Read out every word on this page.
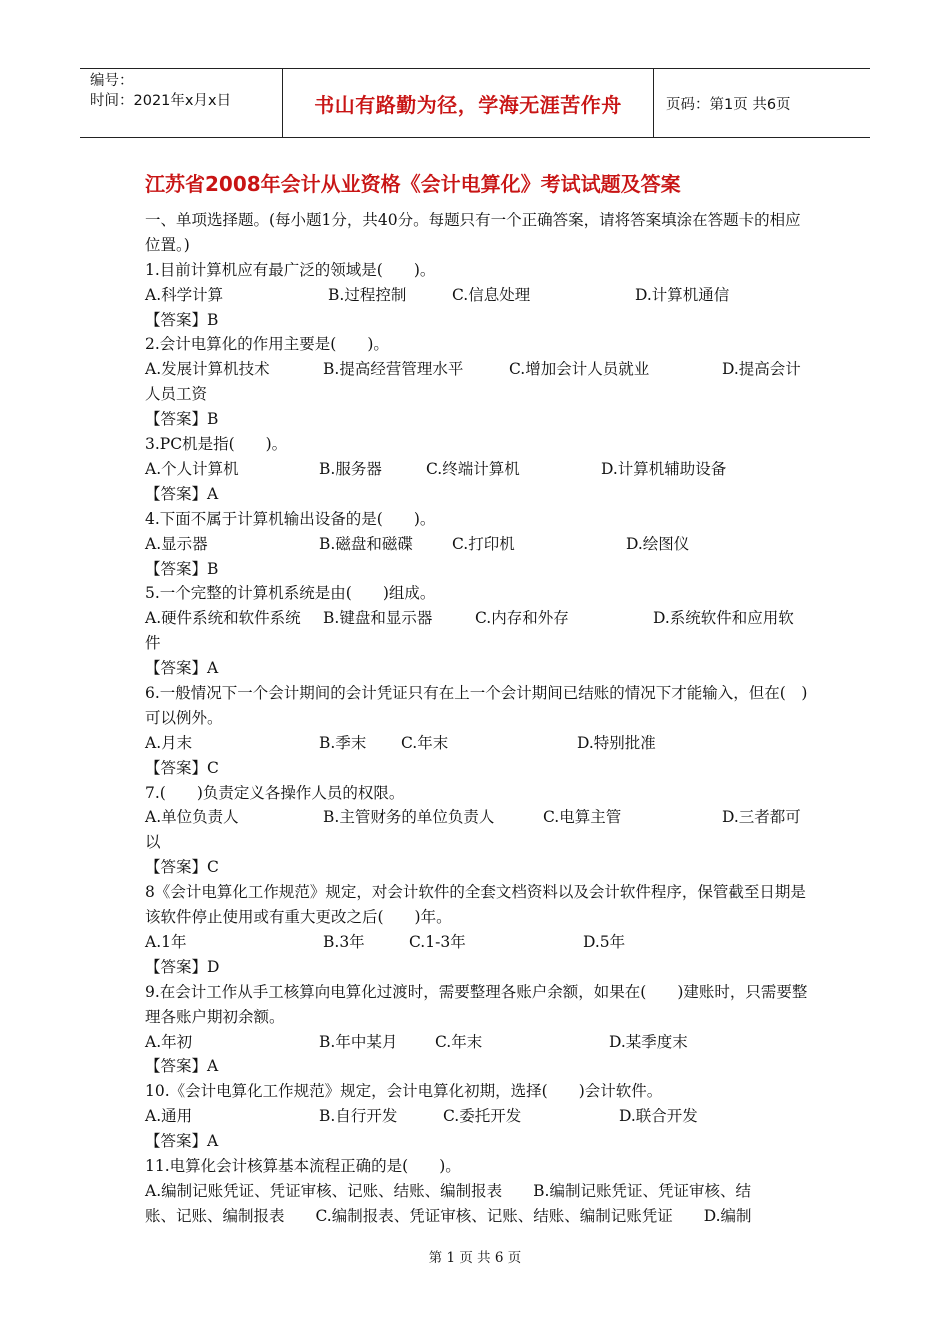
编号：
时间：2021年x月x日	书山有路勤为径，学海无涯苦作舟	页码：第1页 共6页
江苏省2008年会计从业资格《会计电算化》考试试题及答案
一、单项选择题。(每小题1分，共40分。每题只有一个正确答案，请将答案填涂在答题卡的相应位置。)
1.目前计算机应有最广泛的领域是(　　)。
A.科学计算	B.过程控制	C.信息处理	D.计算机通信
【答案】B
2.会计电算化的作用主要是(　　)。
A.发展计算机技术	B.提高经营管理水平	C.增加会计人员就业	D.提高会计
人员工资
【答案】B
3.PC机是指(　　)。
A.个人计算机	B.服务器	C.终端计算机	D.计算机辅助设备
【答案】A
4.下面不属于计算机输出设备的是(　　)。
A.显示器	B.磁盘和磁碟	C.打印机	D.绘图仪
【答案】B
5.一个完整的计算机系统是由(　　)组成。
A.硬件系统和软件系统 B.键盘和显示器	C.内存和外存	D.系统软件和应用软
件
【答案】A
6.一般情况下一个会计期间的会计凭证只有在上一个会计期间已结账的情况下才能输入，但在(　)可以例外。
A.月末	B.季末 C.年末	D.特别批准
【答案】C
7.(　　)负责定义各操作人员的权限。
A.单位负责人	B.主管财务的单位负责人	C.电算主管	D.三者都可
以
【答案】C
8《会计电算化工作规范》规定，对会计软件的全套文档资料以及会计软件程序，保管截至日期是该软件停止使用或有重大更改之后(　　)年。
A.1年	B.3年	C.1-3年	D.5年
【答案】D
9.在会计工作从手工核算向电算化过渡时，需要整理各账户余额，如果在(　　)建账时，只需要整理各账户期初余额。
A.年初	B.年中某月 C.年末	D.某季度末
【答案】A
10.《会计电算化工作规范》规定，会计电算化初期，选择(　　)会计软件。
A.通用	B.自行开发	C.委托开发	D.联合开发
【答案】A
11.电算化会计核算基本流程正确的是(　　)。
A.编制记账凭证、凭证审核、记账、结账、编制报表　　B.编制记账凭证、凭证审核、结
账、记账、编制报表　　C.编制报表、凭证审核、记账、结账、编制记账凭证　　D.编制
第 1 页 共 6 页
